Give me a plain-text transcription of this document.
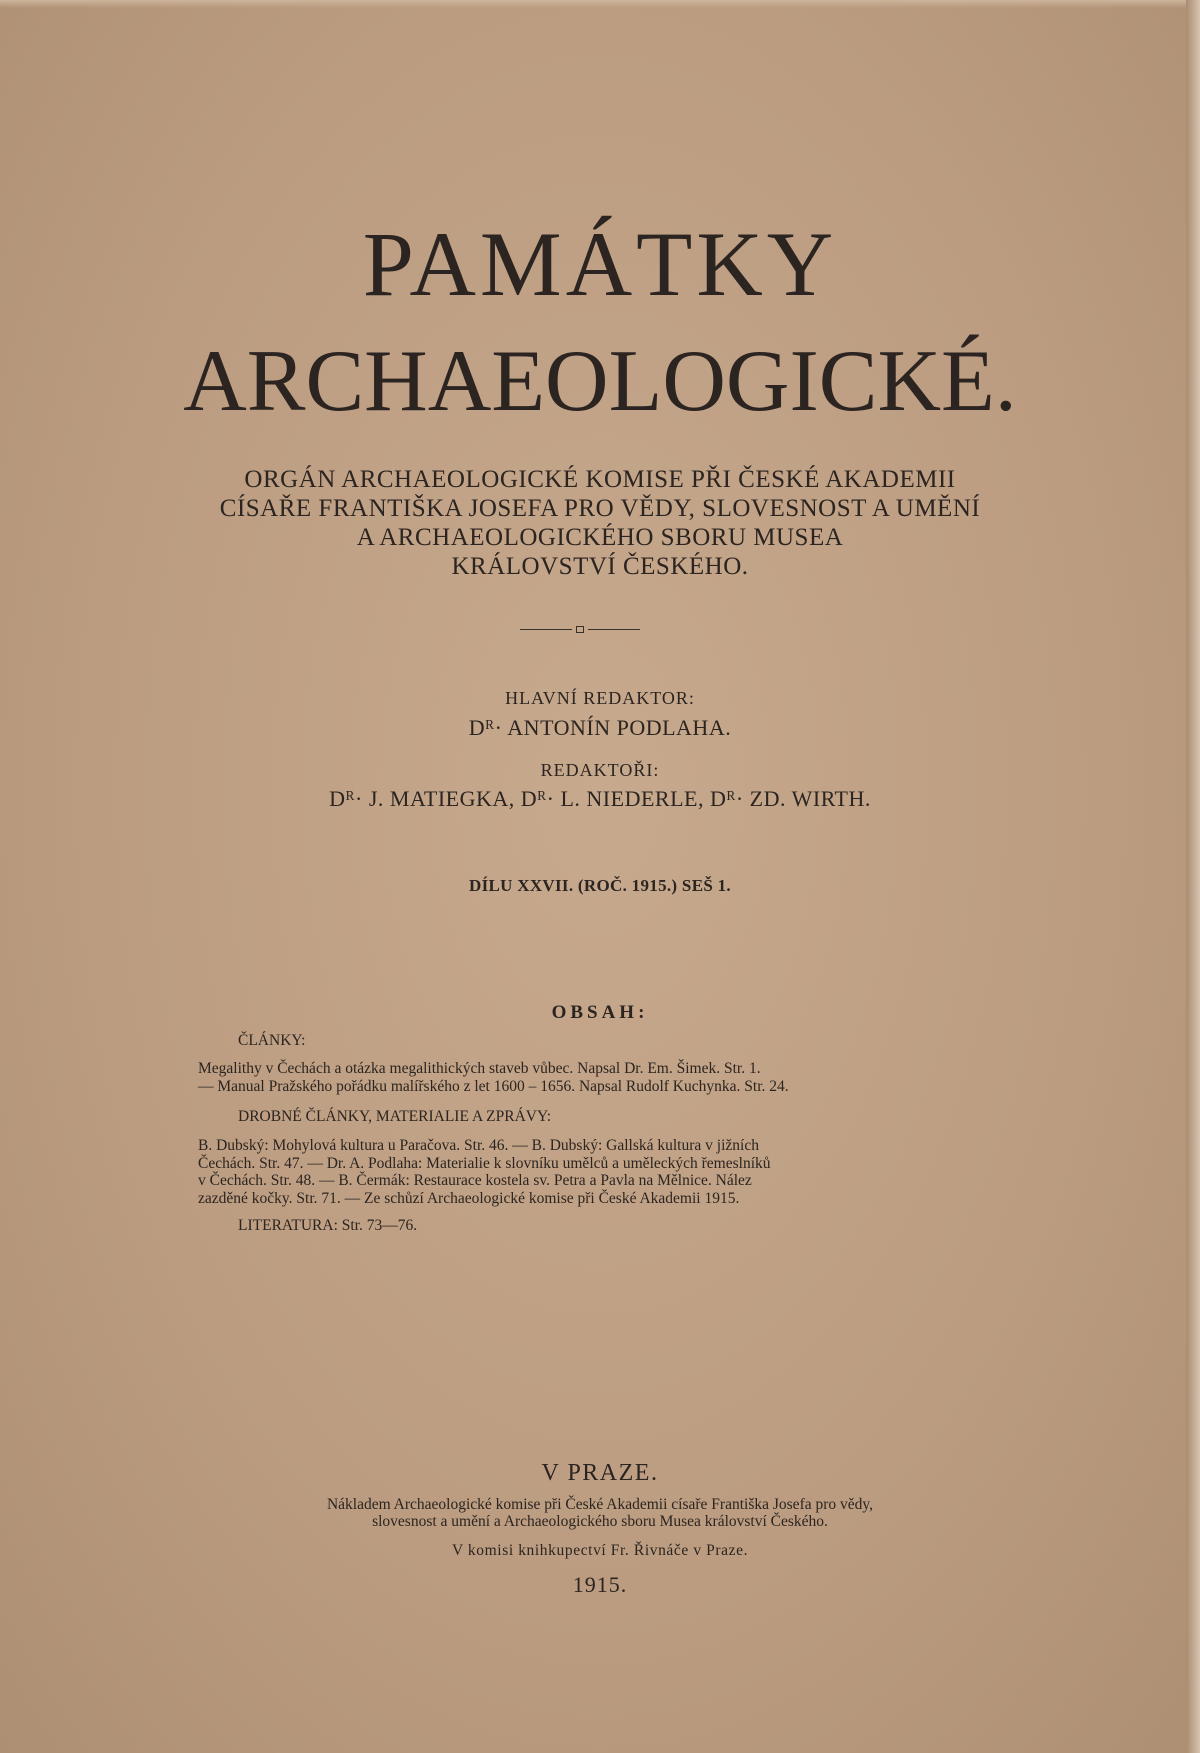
PAMÁTKY
ARCHAEOLOGICKÉ.
ORGÁN ARCHAEOLOGICKÉ KOMISE PŘI ČESKÉ AKADEMII
CÍSAŘE FRANTIŠKA JOSEFA PRO VĚDY, SLOVESNOST A UMĚNÍ
A ARCHAEOLOGICKÉHO SBORU MUSEA
KRÁLOVSTVÍ ČESKÉHO.
HLAVNÍ REDAKTOR:
Dᴿ· ANTONÍN PODLAHA.
REDAKTOŘI:
Dᴿ· J. MATIEGKA, Dᴿ· L. NIEDERLE, Dᴿ· ZD. WIRTH.
DÍLU XXVII. (ROČ. 1915.) SEŠ 1.
OBSAH:
ČLÁNKY:
Megalithy v Čechách a otázka megalithických staveb vůbec. Napsal Dr. Em. Šimek. Str. 1.
— Manual Pražského pořádku malířského z let 1600 – 1656. Napsal Rudolf Kuchynka. Str. 24.
DROBNÉ ČLÁNKY, MATERIALIE A ZPRÁVY:
B. Dubský: Mohylová kultura u Paračova. Str. 46. — B. Dubský: Gallská kultura v jižních
Čechách. Str. 47. — Dr. A. Podlaha: Materialie k slovníku umělců a uměleckých řemeslníků
v Čechách. Str. 48. — B. Čermák: Restaurace kostela sv. Petra a Pavla na Mělnice. Nález
zazděné kočky. Str. 71. — Ze schůzí Archaeologické komise při České Akademii 1915.
LITERATURA: Str. 73—76.
V PRAZE.
Nákladem Archaeologické komise při České Akademii císaře Františka Josefa pro vědy,
slovesnost a umění a Archaeologického sboru Musea království Českého.
V komisi knihkupectví Fr. Řivnáče v Praze.
1915.
